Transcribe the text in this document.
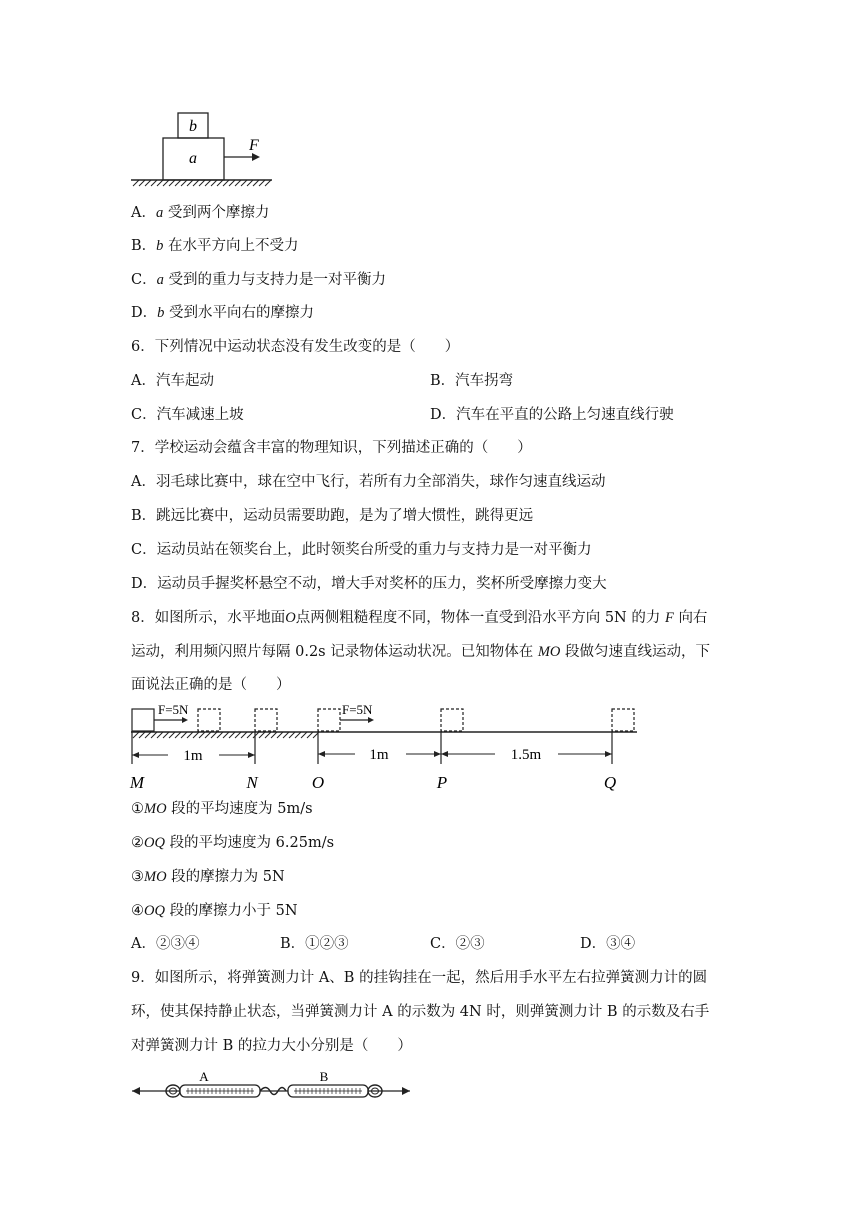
b
a
F
A．a 受到两个摩擦力
B．b 在水平方向上不受力
C．a 受到的重力与支持力是一对平衡力
D．b 受到水平向右的摩擦力
6．下列情况中运动状态没有发生改变的是（　　）
A．汽车起动	B．汽车拐弯
C．汽车减速上坡	D．汽车在平直的公路上匀速直线行驶
7．学校运动会蕴含丰富的物理知识，下列描述正确的（　　）
A．羽毛球比赛中，球在空中飞行，若所有力全部消失，球作匀速直线运动
B．跳远比赛中，运动员需要助跑，是为了增大惯性，跳得更远
C．运动员站在领奖台上，此时领奖台所受的重力与支持力是一对平衡力
D．运动员手握奖杯悬空不动，增大手对奖杯的压力，奖杯所受摩擦力变大
8．如图所示，水平地面O点两侧粗糙程度不同，物体一直受到沿水平方向 5N 的力 F 向右
运动，利用频闪照片每隔 0.2s 记录物体运动状况。已知物体在 MO 段做匀速直线运动，下
面说法正确的是（　　）
F=5N	F=5N
1m	1m	1.5m
M	N	O	P	Q
①MO 段的平均速度为 5m/s
②OQ 段的平均速度为 6.25m/s
③MO 段的摩擦力为 5N
④OQ 段的摩擦力小于 5N
A．②③④	B．①②③	C．②③	D．③④
9．如图所示，将弹簧测力计 A、B 的挂钩挂在一起，然后用手水平左右拉弹簧测力计的圆
环，使其保持静止状态，当弹簧测力计 A 的示数为 4N 时，则弹簧测力计 B 的示数及右手
对弹簧测力计 B 的拉力大小分别是（　　）
A	B
